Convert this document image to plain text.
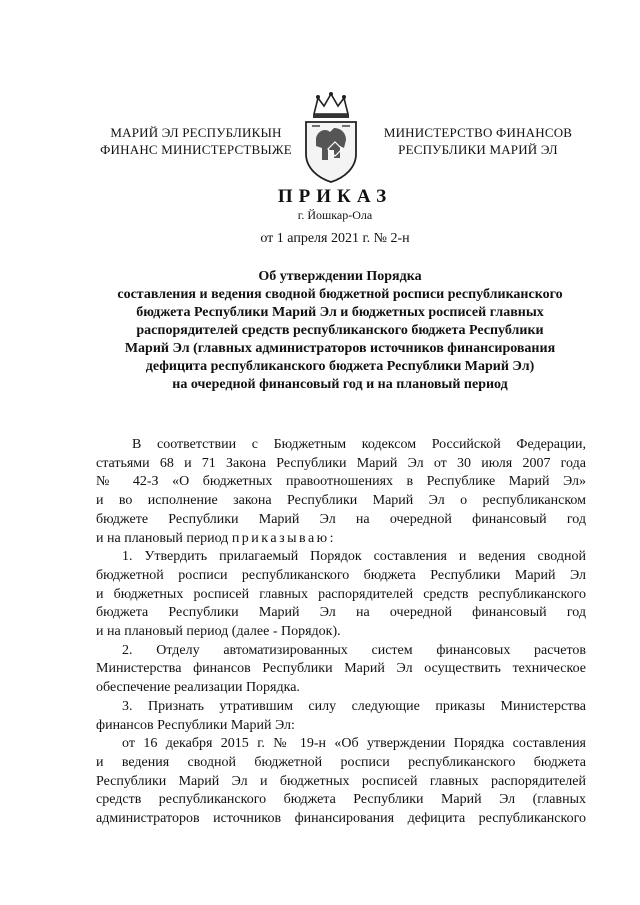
МАРИЙ ЭЛ РЕСПУБЛИКЫН
ФИНАНС МИНИСТЕРСТВЫЖЕ
МИНИСТЕРСТВО ФИНАНСОВ
РЕСПУБЛИКИ МАРИЙ ЭЛ
ПРИКАЗ
г. Йошкар-Ола
от 1 апреля 2021 г. № 2-н
Об утверждении Порядка
составления и ведения сводной бюджетной росписи республиканского
бюджета Республики Марий Эл и бюджетных росписей главных
распорядителей средств республиканского бюджета Республики
Марий Эл (главных администраторов источников финансирования
дефицита республиканского бюджета Республики Марий Эл)
на очередной финансовый год и на плановый период
В соответствии с Бюджетным кодексом Российской Федерации,
статьями 68 и 71 Закона Республики Марий Эл от 30 июля 2007 года
№ 42-З «О бюджетных правоотношениях в Республике Марий Эл»
и во исполнение закона Республики Марий Эл о республиканском
бюджете Республики Марий Эл на очередной финансовый год
и на плановый период приказываю:
1. Утвердить прилагаемый Порядок составления и ведения сводной
бюджетной росписи республиканского бюджета Республики Марий Эл
и бюджетных росписей главных распорядителей средств республиканского
бюджета Республики Марий Эл на очередной финансовый год
и на плановый период (далее - Порядок).
2. Отделу автоматизированных систем финансовых расчетов
Министерства финансов Республики Марий Эл осуществить техническое
обеспечение реализации Порядка.
3. Признать утратившим силу следующие приказы Министерства
финансов Республики Марий Эл:
от 16 декабря 2015 г. № 19-н «Об утверждении Порядка составления
и ведения сводной бюджетной росписи республиканского бюджета
Республики Марий Эл и бюджетных росписей главных распорядителей
средств республиканского бюджета Республики Марий Эл (главных
администраторов источников финансирования дефицита республиканского
